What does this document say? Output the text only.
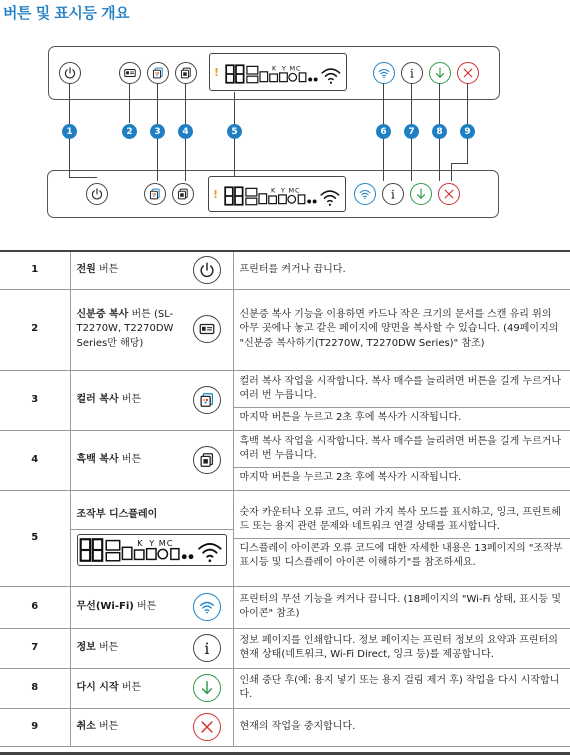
버튼 및 표시등 개요
!
!
1	2	3	4	5	6	7	8	9
1	전원 버튼		프린터를 켜거나 끕니다.
2	신분증 복사 버튼 (SL-T2270W, T2270DW Series만 해당)		신분증 복사 기능을 이용하면 카드나 작은 크기의 문서를 스캔 유리 위의 아무 곳에나 놓고 같은 페이지에 양면을 복사할 수 있습니다. (49페이지의 "신분증 복사하기(T2270W, T2270DW Series)" 참조)
3	컬러 복사 버튼		컬러 복사 작업을 시작합니다. 복사 매수를 늘리려면 버튼을 길게 누르거나 여러 번 누릅니다.
마지막 버튼을 누르고 2초 후에 복사가 시작됩니다.

4	흑백 복사 버튼		흑백 복사 작업을 시작합니다. 복사 매수를 늘리려면 버튼을 길게 누르거나 여러 번 누릅니다.
마지막 버튼을 누르고 2초 후에 복사가 시작됩니다.

5	조작부 디스플레이		숫자 카운터나 오류 코드, 여러 가지 복사 모드를 표시하고, 잉크, 프린트헤드 또는 용지 관련 문제와 네트워크 연결 상태를 표시합니다.
디스플레이 아이콘과 오류 코드에 대한 자세한 내용은 13페이지의 "조작부 표시등 및 디스플레이 아이콘 이해하기"를 참조하세요.

6	무선(Wi-Fi) 버튼		프린터의 무선 기능을 켜거나 끕니다. (18페이지의 "Wi-Fi 상태, 표시등 및 아이콘" 참조)
7	정보 버튼		정보 페이지를 인쇄합니다. 정보 페이지는 프린터 정보의 요약과 프린터의 현재 상태(네트워크, Wi-Fi Direct, 잉크 등)를 제공합니다.
8	다시 시작 버튼		인쇄 중단 후(예: 용지 넣기 또는 용지 걸림 제거 후) 작업을 다시 시작합니다.
9	취소 버튼		현재의 작업을 중지합니다.
